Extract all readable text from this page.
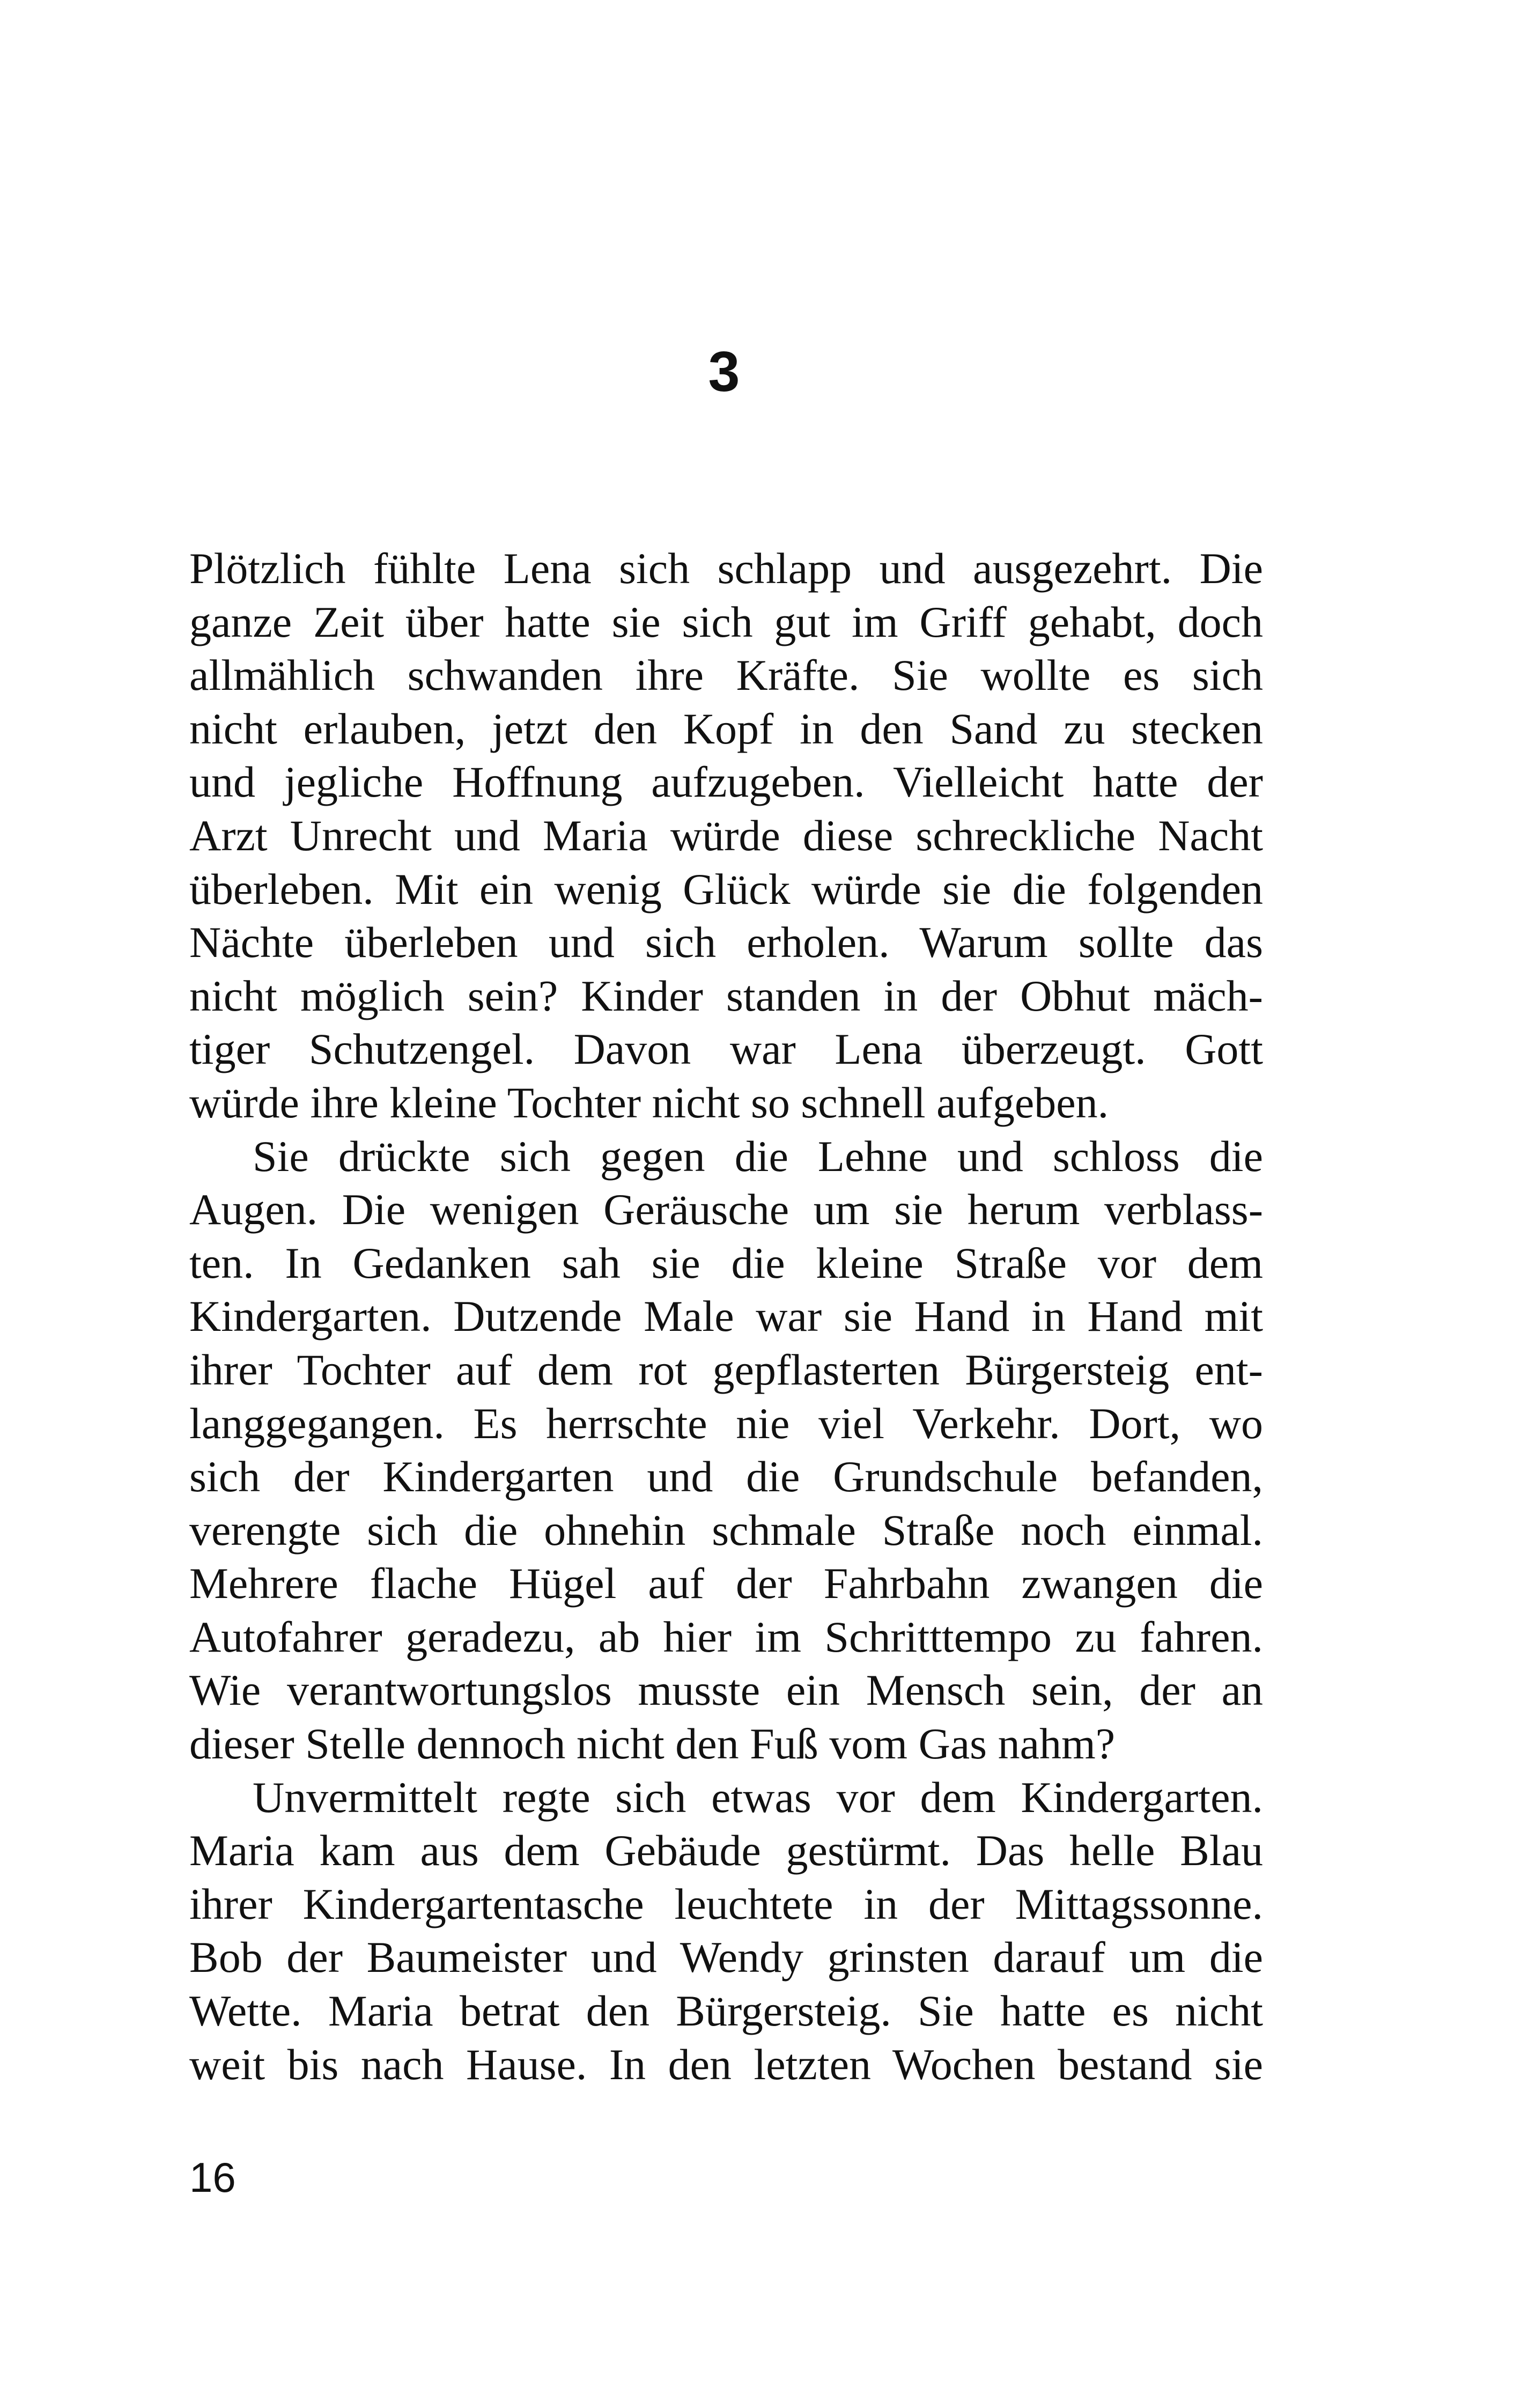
3
Plötzlich fühlte Lena sich schlapp und ausgezehrt. Die
ganze Zeit über hatte sie sich gut im Griff gehabt, doch
allmählich schwanden ihre Kräfte. Sie wollte es sich
nicht erlauben, jetzt den Kopf in den Sand zu stecken
und jegliche Hoffnung aufzugeben. Vielleicht hatte der
Arzt Unrecht und Maria würde diese schreckliche Nacht
überleben. Mit ein wenig Glück würde sie die folgenden
Nächte überleben und sich erholen. Warum sollte das
nicht möglich sein? Kinder standen in der Obhut mäch-
tiger Schutzengel. Davon war Lena überzeugt. Gott
würde ihre kleine Tochter nicht so schnell aufgeben.
Sie drückte sich gegen die Lehne und schloss die
Augen. Die wenigen Geräusche um sie herum verblass-
ten. In Gedanken sah sie die kleine Straße vor dem
Kindergarten. Dutzende Male war sie Hand in Hand mit
ihrer Tochter auf dem rot gepflasterten Bürgersteig ent-
langgegangen. Es herrschte nie viel Verkehr. Dort, wo
sich der Kindergarten und die Grundschule befanden,
verengte sich die ohnehin schmale Straße noch einmal.
Mehrere flache Hügel auf der Fahrbahn zwangen die
Autofahrer geradezu, ab hier im Schritttempo zu fahren.
Wie verantwortungslos musste ein Mensch sein, der an
dieser Stelle dennoch nicht den Fuß vom Gas nahm?
Unvermittelt regte sich etwas vor dem Kindergarten.
Maria kam aus dem Gebäude gestürmt. Das helle Blau
ihrer Kindergartentasche leuchtete in der Mittagssonne.
Bob der Baumeister und Wendy grinsten darauf um die
Wette. Maria betrat den Bürgersteig. Sie hatte es nicht
weit bis nach Hause. In den letzten Wochen bestand sie
16
